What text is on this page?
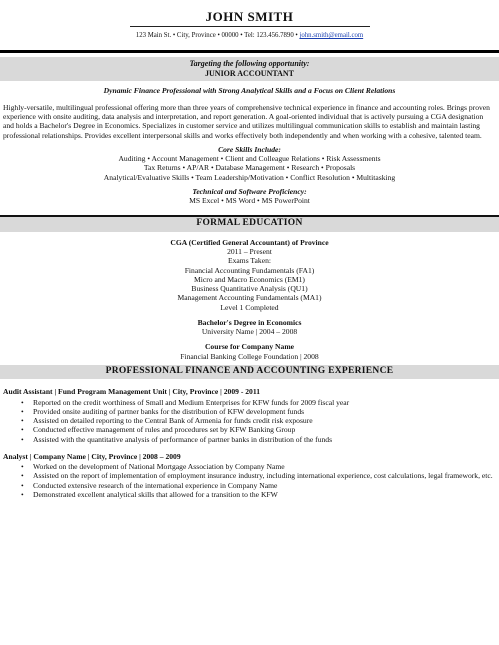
JOHN SMITH
123 Main St. • City, Province • 00000 • Tel: 123.456.7890 • john.smith@email.com
Targeting the following opportunity:
JUNIOR ACCOUNTANT
Dynamic Finance Professional with Strong Analytical Skills and a Focus on Client Relations
Highly-versatile, multilingual professional offering more than three years of comprehensive technical experience in finance and accounting roles. Brings proven experience with onsite auditing, data analysis and interpretation, and report generation. A goal-oriented individual that is actively pursuing a CGA designation and holds a Bachelor's Degree in Economics. Specializes in customer service and utilizes multilingual communication skills to establish and maintain lasting professional relationships. Provides excellent interpersonal skills and works effectively both independently and when working with a cohesive, talented team.
Core Skills Include:
Auditing • Account Management • Client and Colleague Relations • Risk Assessments
Tax Returns • AP/AR • Database Management • Research • Proposals
Analytical/Evaluative Skills • Team Leadership/Motivation • Conflict Resolution • Multitasking
Technical and Software Proficiency:
MS Excel • MS Word • MS PowerPoint
FORMAL EDUCATION
CGA (Certified General Accountant) of Province
2011 – Present
Exams Taken:
Financial Accounting Fundamentals (FA1)
Micro and Macro Economics (EM1)
Business Quantitative Analysis (QU1)
Management Accounting Fundamentals (MA1)
Level 1 Completed
Bachelor's Degree in Economics
University Name | 2004 – 2008
Course for Company Name
Financial Banking College Foundation | 2008
PROFESSIONAL FINANCE AND ACCOUNTING EXPERIENCE
Audit Assistant | Fund Program Management Unit | City, Province | 2009 - 2011
• Reported on the credit worthiness of Small and Medium Enterprises for KFW funds for 2009 fiscal year
• Provided onsite auditing of partner banks for the distribution of KFW development funds
• Assisted on detailed reporting to the Central Bank of Armenia for funds credit risk exposure
• Conducted effective management of rules and procedures set by KFW Banking Group
• Assisted with the quantitative analysis of performance of partner banks in distribution of the funds
Analyst | Company Name | City, Province | 2008 – 2009
• Worked on the development of National Mortgage Association by Company Name
• Assisted on the report of implementation of employment insurance industry, including international experience, cost calculations, legal framework, etc.
• Conducted extensive research of the international experience in Company Name
• Demonstrated excellent analytical skills that allowed for a transition to the KFW
